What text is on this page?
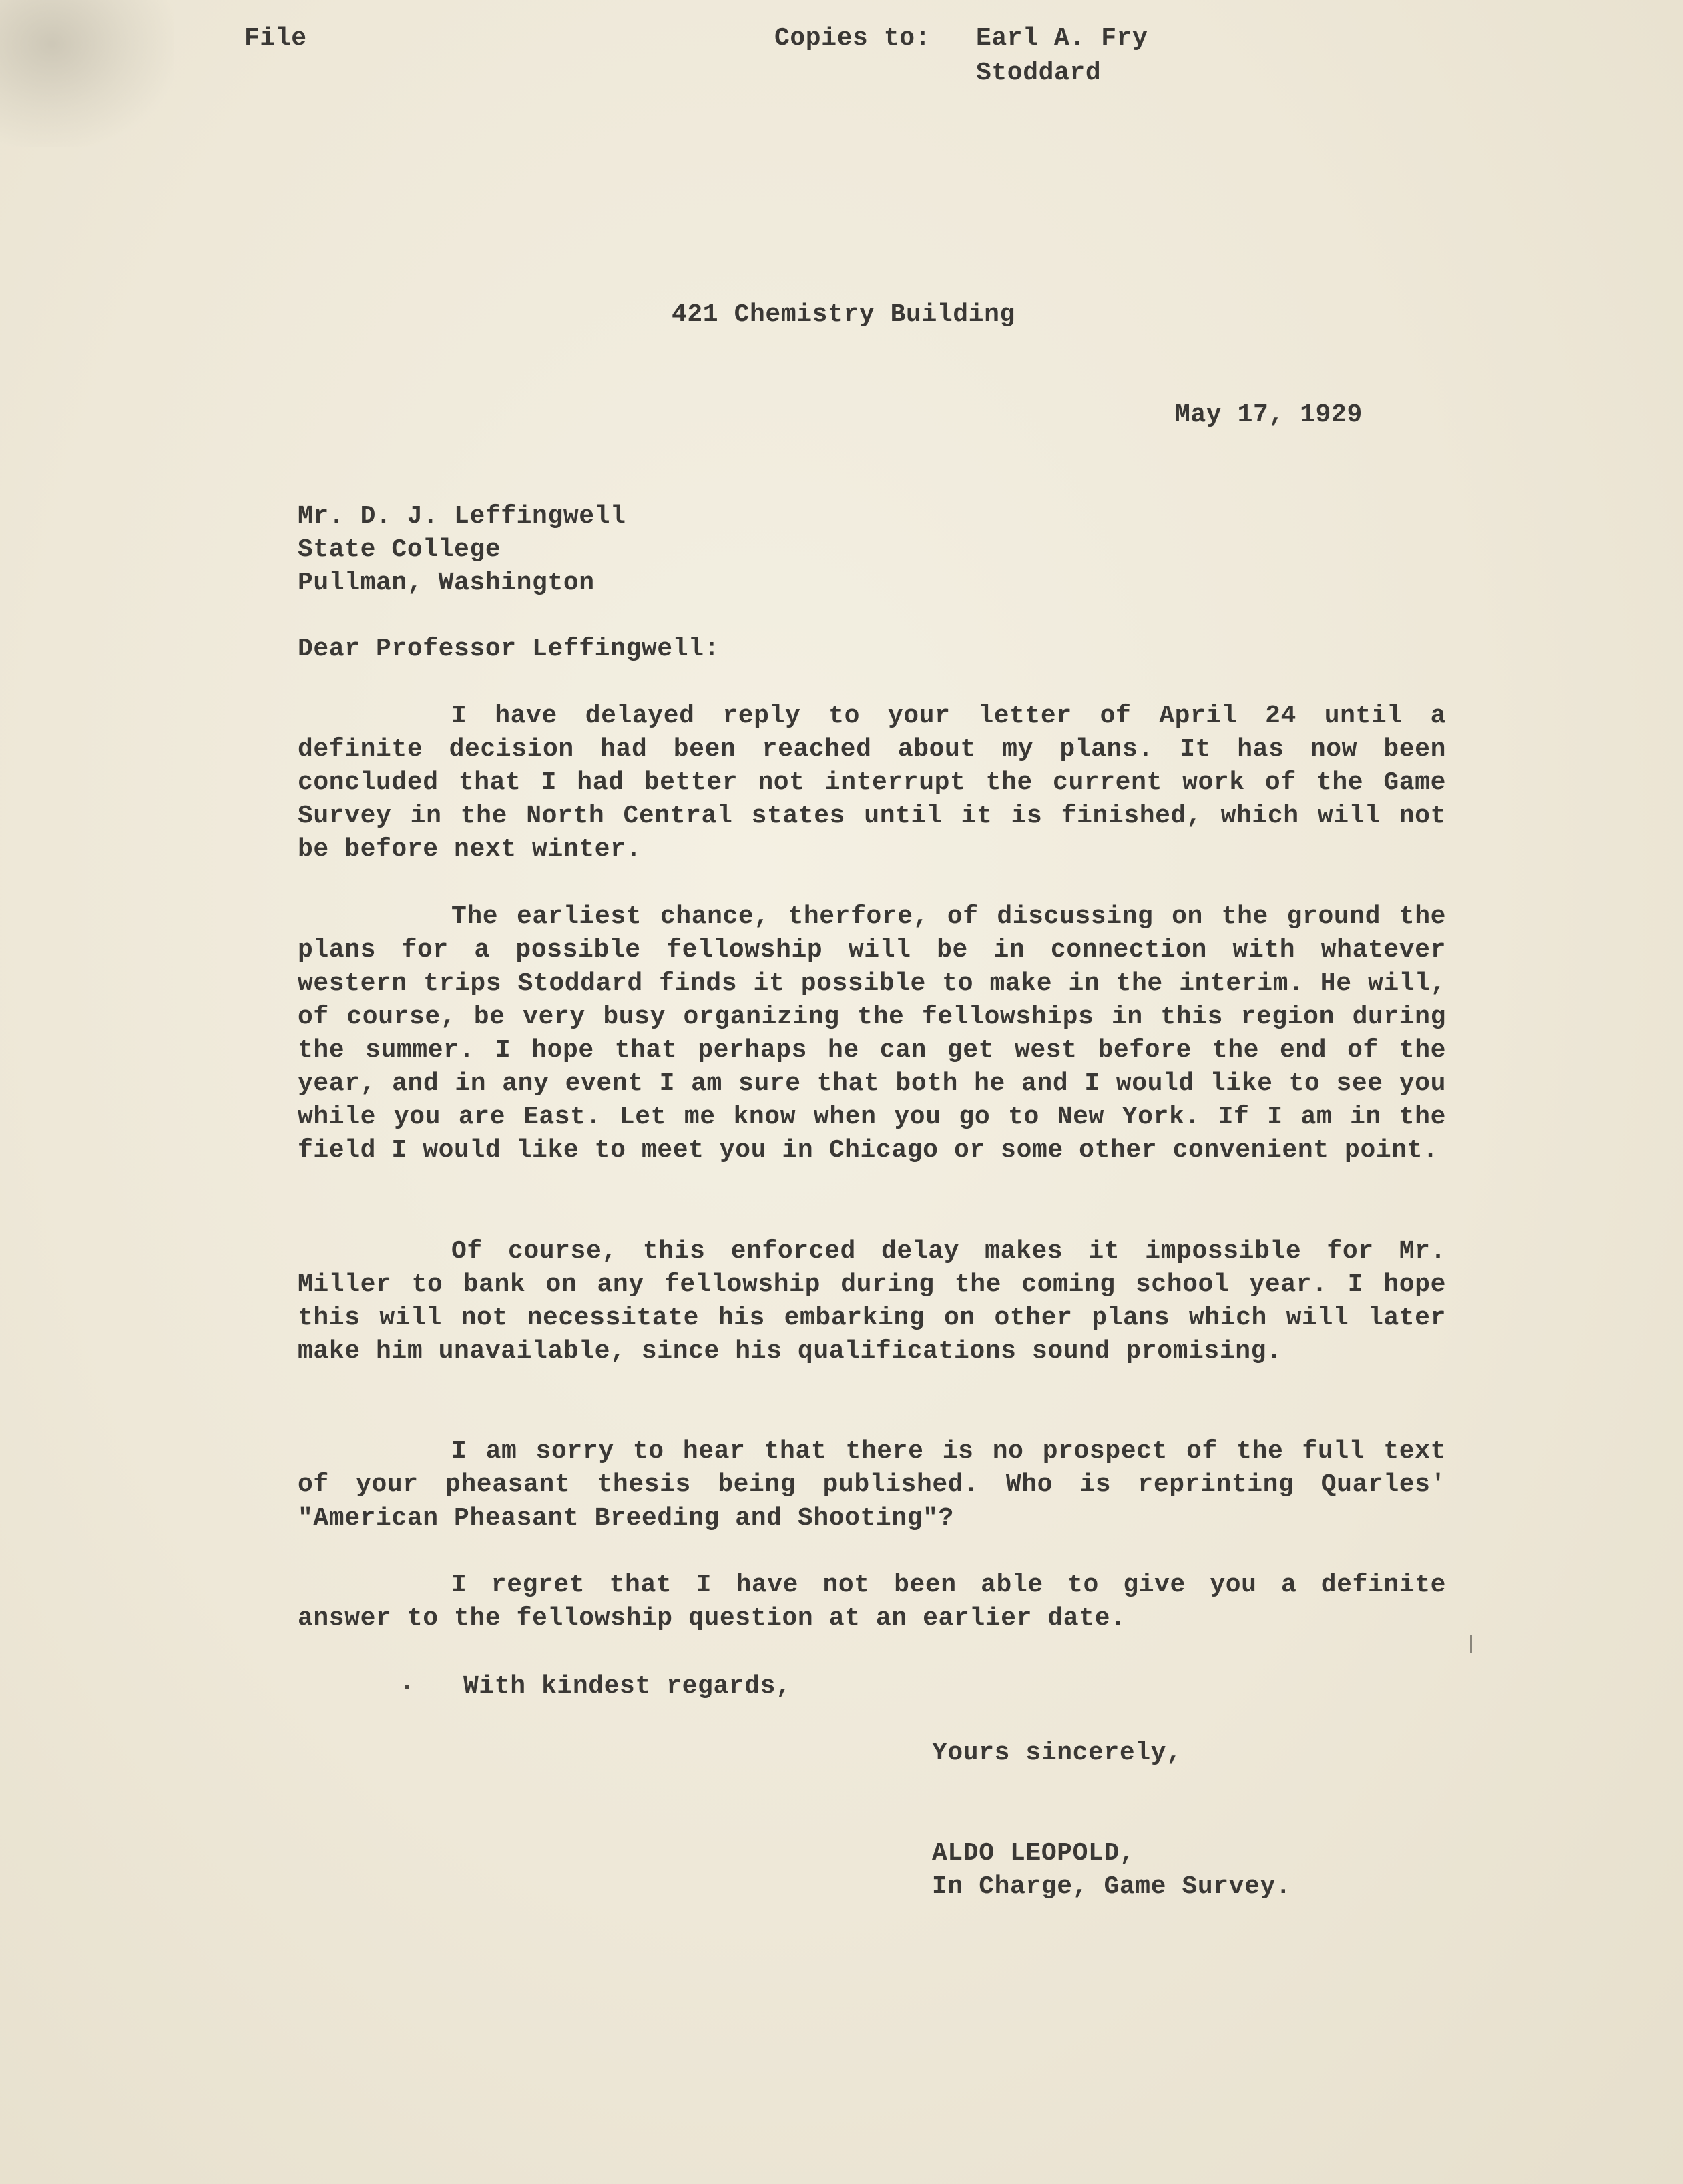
File	Copies to: Earl A. Fry

Stoddard

421 Chemistry Building

May 17, 1929

Mr. D. J. Leffingwell

State College

Pullman, Washington

Dear Professor Leffingwell:

I have delayed reply to your letter of April 24 until a definite decision had been reached about my plans. It has now been concluded that I had better not interrupt the current work of the Game Survey in the North Central states until it is finished, which will not be before next winter.

The earliest chance, therfore, of discussing on the ground the plans for a possible fellowship will be in connection with whatever western trips Stoddard finds it possible to make in the interim. He will, of course, be very busy organizing the fellowships in this region during the summer. I hope that perhaps he can get west before the end of the year, and in any event I am sure that both he and I would like to see you while you are East. Let me know when you go to New York. If I am in the field I would like to meet you in Chicago or some other convenient point.

Of course, this enforced delay makes it impossible for Mr. Miller to bank on any fellowship during the coming school year. I hope this will not necessitate his embarking on other plans which will later make him unavailable, since his qualifications sound promising.

I am sorry to hear that there is no prospect of the full text of your pheasant thesis being published. Who is reprinting Quarles' "American Pheasant Breeding and Shooting"?

I regret that I have not been able to give you a definite answer to the fellowship question at an earlier date.

With kindest regards,

Yours sincerely,

ALDO LEOPOLD,

In Charge, Game Survey.
